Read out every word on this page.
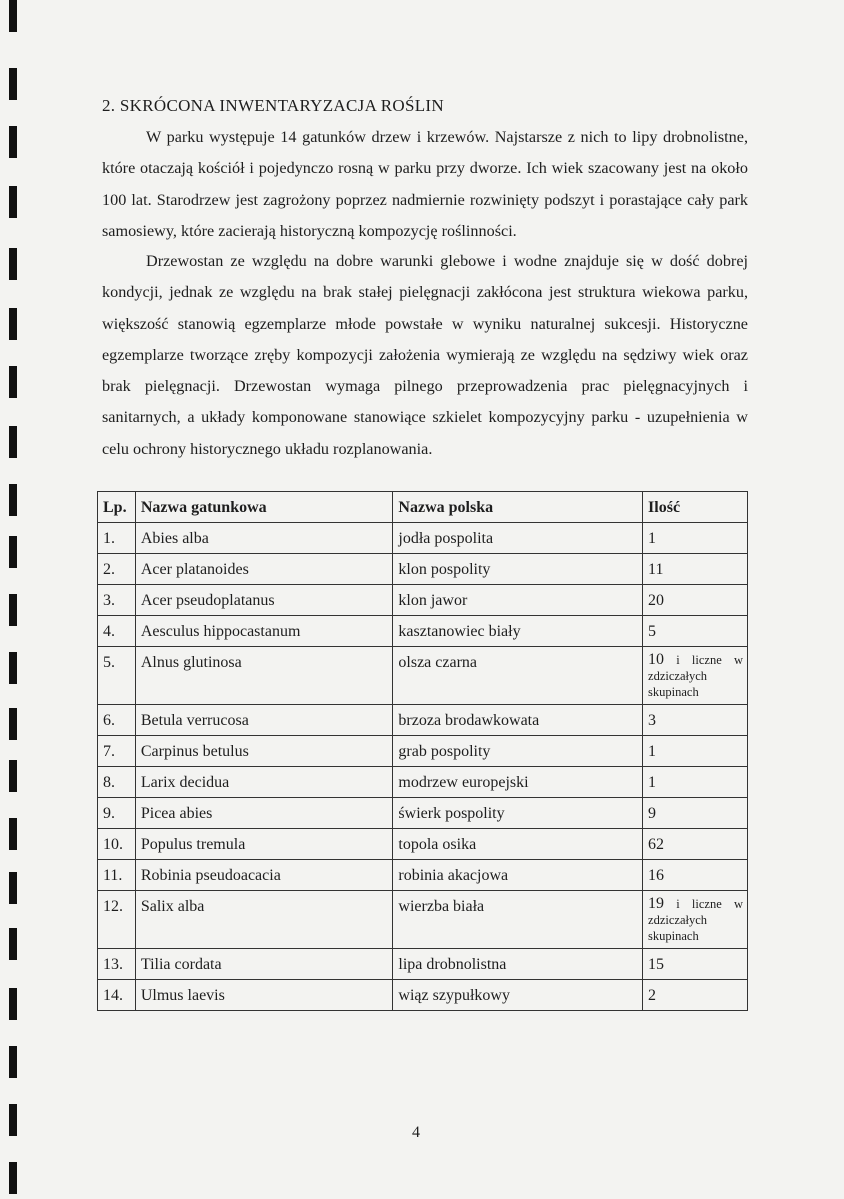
2. SKRÓCONA INWENTARYZACJA ROŚLIN

W parku występuje 14 gatunków drzew i krzewów. Najstarsze z nich to lipy drobnolistne, które otaczają kościół i pojedynczo rosną w parku przy dworze. Ich wiek szacowany jest na około 100 lat. Starodrzew jest zagrożony poprzez nadmiernie rozwinięty podszyt i porastające cały park samosiewy, które zacierają historyczną kompozycję roślinności.

Drzewostan ze względu na dobre warunki glebowe i wodne znajduje się w dość dobrej kondycji, jednak ze względu na brak stałej pielęgnacji zakłócona jest struktura wiekowa parku, większość stanowią egzemplarze młode powstałe w wyniku naturalnej sukcesji. Historyczne egzemplarze tworzące zręby kompozycji założenia wymierają ze względu na sędziwy wiek oraz brak pielęgnacji. Drzewostan wymaga pilnego przeprowadzenia prac pielęgnacyjnych i sanitarnych, a układy komponowane stanowiące szkielet kompozycyjny parku - uzupełnienia w celu ochrony historycznego układu rozplanowania.

Lp.	Nazwa gatunkowa	Nazwa polska	Ilość
1.	Abies alba	jodła pospolita	1
2.	Acer platanoides	klon pospolity	11
3.	Acer pseudoplatanus	klon jawor	20
4.	Aesculus hippocastanum	kasztanowiec biały	5
5.	Alnus glutinosa	olsza czarna	10 i liczne w zdziczałych skupinach

6.	Betula verrucosa	brzoza brodawkowata	3
7.	Carpinus betulus	grab pospolity	1
8.	Larix decidua	modrzew europejski	1
9.	Picea abies	świerk pospolity	9
10.	Populus tremula	topola osika	62
11.	Robinia pseudoacacia	robinia akacjowa	16
12.	Salix alba	wierzba biała	19 i liczne w zdziczałych skupinach

13.	Tilia cordata	lipa drobnolistna	15
14.	Ulmus laevis	wiąz szypułkowy	2
4
